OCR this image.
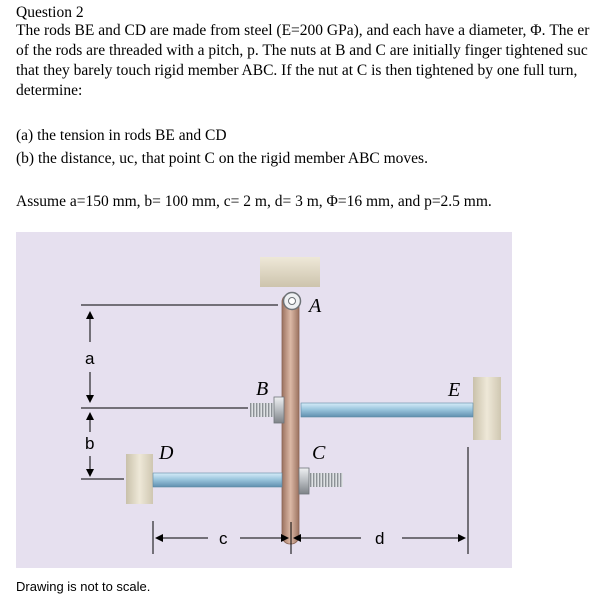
Question 2
The rods BE and CD are made from steel (E=200 GPa), and each have a diameter, Φ. The er
of the rods are threaded with a pitch, p. The nuts at B and C are initially finger tightened suc
that they barely touch rigid member ABC. If the nut at C is then tightened by one full turn,
determine:
(a) the tension in rods BE and CD
(b) the distance, uc, that point C on the rigid member ABC moves.
Assume a=150 mm, b= 100 mm, c= 2 m, d= 3 m, Φ=16 mm, and p=2.5 mm.
A
B
C
D
E
a
b
c	d
Drawing is not to scale.
